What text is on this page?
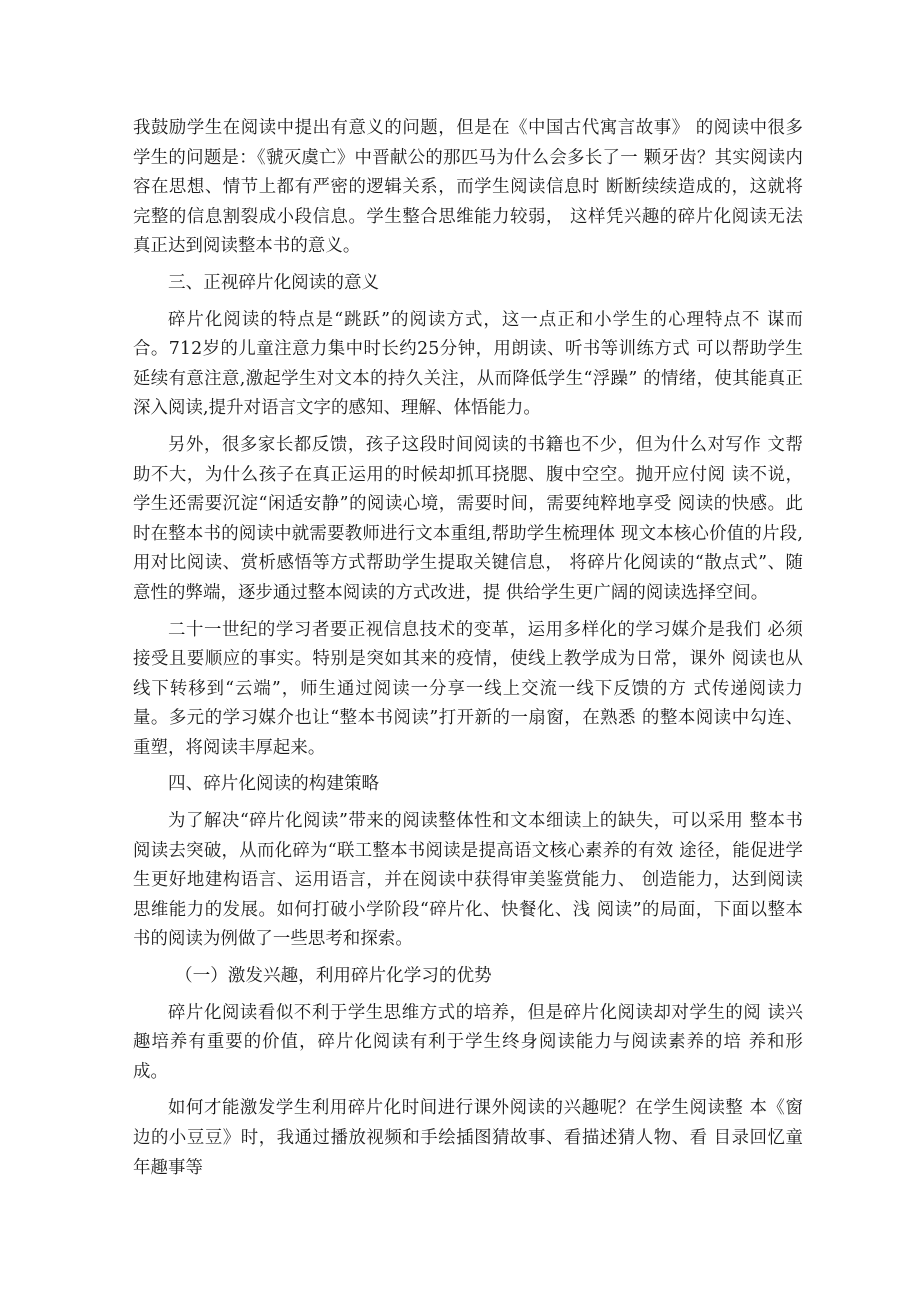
我鼓励学生在阅读中提出有意义的问题，但是在《中国古代寓言故事》 的阅读中很多学生的问题是：《虢灭虞亡》中晋献公的那匹马为什么会多长了一 颗牙齿？其实阅读内容在思想、情节上都有严密的逻辑关系，而学生阅读信息时 断断续续造成的，这就将完整的信息割裂成小段信息。学生整合思维能力较弱， 这样凭兴趣的碎片化阅读无法真正达到阅读整本书的意义。

三、正视碎片化阅读的意义

碎片化阅读的特点是“跳跃”的阅读方式，这一点正和小学生的心理特点不 谋而合。712岁的儿童注意力集中时长约25分钟，用朗读、听书等训练方式 可以帮助学生延续有意注意,激起学生对文本的持久关注，从而降低学生“浮躁” 的情绪，使其能真正深入阅读,提升对语言文字的感知、理解、体悟能力。

另外，很多家长都反馈，孩子这段时间阅读的书籍也不少，但为什么对写作 文帮助不大，为什么孩子在真正运用的时候却抓耳挠腮、腹中空空。抛开应付阅 读不说，学生还需要沉淀“闲适安静”的阅读心境，需要时间，需要纯粹地享受 阅读的快感。此时在整本书的阅读中就需要教师进行文本重组,帮助学生梳理体 现文本核心价值的片段,用对比阅读、赏析感悟等方式帮助学生提取关键信息， 将碎片化阅读的“散点式”、随意性的弊端，逐步通过整本阅读的方式改进，提 供给学生更广阔的阅读选择空间。

二十一世纪的学习者要正视信息技术的变革，运用多样化的学习媒介是我们 必须接受且要顺应的事实。特别是突如其来的疫情，使线上教学成为日常，课外 阅读也从线下转移到“云端”，师生通过阅读一分享一线上交流一线下反馈的方 式传递阅读力量。多元的学习媒介也让“整本书阅读”打开新的一扇窗，在熟悉 的整本阅读中勾连、重塑，将阅读丰厚起来。

四、碎片化阅读的构建策略

为了解决“碎片化阅读”带来的阅读整体性和文本细读上的缺失，可以采用 整本书阅读去突破，从而化碎为“联工整本书阅读是提高语文核心素养的有效 途径，能促进学生更好地建构语言、运用语言，并在阅读中获得审美鉴赏能力、 创造能力，达到阅读思维能力的发展。如何打破小学阶段“碎片化、快餐化、浅 阅读”的局面，下面以整本书的阅读为例做了一些思考和探索。

（一）激发兴趣，利用碎片化学习的优势

碎片化阅读看似不利于学生思维方式的培养，但是碎片化阅读却对学生的阅 读兴趣培养有重要的价值，碎片化阅读有利于学生终身阅读能力与阅读素养的培 养和形成。

如何才能激发学生利用碎片化时间进行课外阅读的兴趣呢？在学生阅读整 本《窗边的小豆豆》时，我通过播放视频和手绘插图猜故事、看描述猜人物、看 目录回忆童年趣事等
